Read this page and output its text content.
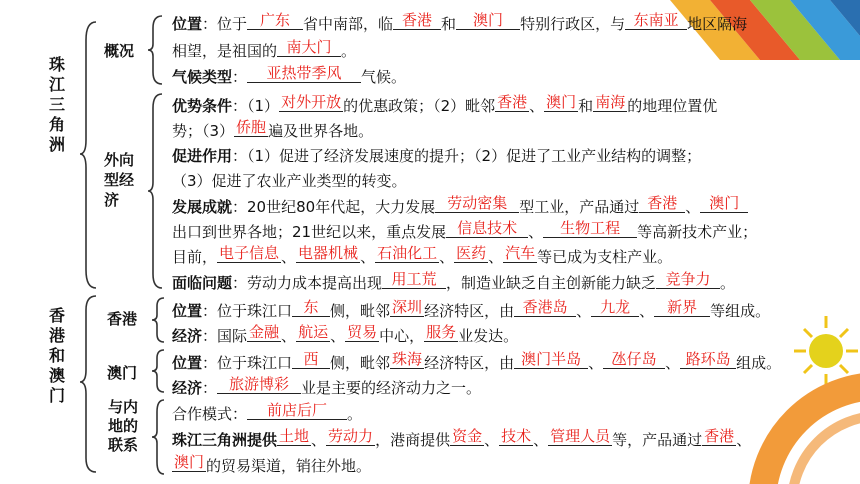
珠江三角洲
香港和澳门
概况
外向
型经
济
香港
澳门
与内
地的
联系
位置：位于 广东 省中南部，临 香港 和 澳门 特别行政区，与 东南亚 地区隔海
相望，是祖国的 南大门 。
气候类型： 亚热带季风 气候。
优势条件：（1） 对外开放 的优惠政策；（2）毗邻 香港 、 澳门 和 南海 的地理位置优
势；（3） 侨胞 遍及世界各地。
促进作用：（1）促进了经济发展速度的提升；（2）促进了工业产业结构的调整；
（3）促进了农业产业类型的转变。
发展成就：20世纪80年代起，大力发展 劳动密集 型工业，产品通过 香港 、 澳门
出口到世界各地；21世纪以来，重点发展 信息技术 、 生物工程 等高新技术产业；
目前， 电子信息 、 电器机械 、 石油化工 、 医药 、 汽车 等已成为支柱产业。
面临问题：劳动力成本提高出现 用工荒 ，制造业缺乏自主创新能力缺乏 竞争力 。
位置：位于珠江口 东 侧，毗邻 深圳 经济特区，由 香港岛 、 九龙 、 新界 等组成。
经济：国际 金融 、 航运 、 贸易 中心， 服务 业发达。
位置：位于珠江口 西 侧，毗邻 珠海 经济特区，由 澳门半岛 、 氹仔岛 、 路环岛 组成。
经济： 旅游博彩 业是主要的经济动力之一。
合作模式： 前店后厂 。
珠江三角洲提供 土地 、 劳动力 ，港商提供 资金 、 技术 、 管理人员 等，产品通过 香港 、
澳门 的贸易渠道，销往外地。
